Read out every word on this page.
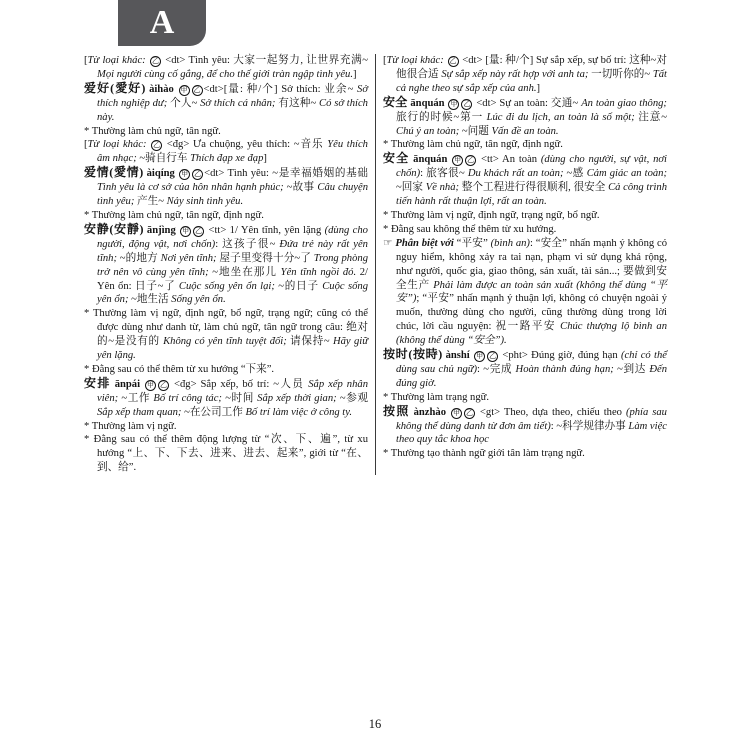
A
[Từ loại khác: 乙 <dt> Tình yêu: 大家一起努力, 让世界充满~ Mọi người cùng cố gắng, để cho thế giới tràn ngập tình yêu.]
爱好(愛好) àihào 甲 乙 <dt>[量: 种/个] Sở thích: 业余~ Sở thích nghiệp dư; 个人~ Sở thích cá nhân; 有这种~ Có sở thích này.
* Thường làm chủ ngữ, tân ngữ.
[Từ loại khác: 乙 <đg> Ưa chuộng, yêu thích: ~音乐 Yêu thích âm nhạc; ~骑自行车 Thích đạp xe đạp]
爱情(愛情) àiqíng 甲 乙 <dt> Tình yêu: ~是幸福婚姻的基础 Tình yêu là cơ sở của hôn nhân hạnh phúc; ~故事 Câu chuyện tình yêu; 产生~ Nảy sinh tình yêu.
* Thường làm chủ ngữ, tân ngữ, định ngữ.
安静(安靜) ānjìng 甲 乙 <tt> 1/ Yên tĩnh, yên lặng (dùng cho người, động vật, nơi chốn): 这孩子很~ Đứa trẻ này rất yên tĩnh; ~的地方 Nơi yên tĩnh; 屋子里变得十分~了 Trong phòng trở nên vô cùng yên tĩnh; ~地坐在那儿 Yên tĩnh ngồi đó. 2/ Yên ổn: 日子~了 Cuộc sống yên ổn lại; ~的日子 Cuộc sống yên ổn; ~地生活 Sống yên ổn.
* Thường làm vị ngữ, định ngữ, bổ ngữ, trạng ngữ; cũng có thể được dùng như danh từ, làm chủ ngữ, tân ngữ trong câu: 绝对的~是没有的 Không có yên tĩnh tuyệt đối; 请保持~ Hãy giữ yên lặng.
* Đằng sau có thể thêm từ xu hướng “下来”.
安排 ānpái 甲 乙 <đg> Sắp xếp, bố trí: ~人员 Sắp xếp nhân viên; ~工作 Bố trí công tác; ~时间 Sắp xếp thời gian; ~参观 Sắp xếp tham quan; ~在公司工作 Bố trí làm việc ở công ty.
* Thường làm vị ngữ.
* Đằng sau có thể thêm động lượng từ “次、下、遍”, từ xu hướng “上、下、下去、进来、进去、起来”, giới từ “在、到、给”.
[Từ loại khác: 乙 <dt> [量: 种/个] Sự sắp xếp, sự bố trí: 这种~对他很合适 Sự sắp xếp này rất hợp với anh ta; 一切听你的~ Tất cả nghe theo sự sắp xếp của anh.]
安全 ānquán 甲 乙 <dt> Sự an toàn: 交通~ An toàn giao thông; 旅行的时候~第一 Lúc đi du lịch, an toàn là số một; 注意~ Chú ý an toàn; ~问题 Vấn đề an toàn.
* Thường làm chủ ngữ, tân ngữ, định ngữ.
安全 ānquán 甲 乙 <tt> An toàn (dùng cho người, sự vật, nơi chốn): 旅客很~ Du khách rất an toàn; ~感 Cảm giác an toàn; ~回家 Về nhà; 整个工程进行得很顺利, 很安全 Cả công trình tiến hành rất thuận lợi, rất an toàn.
* Thường làm vị ngữ, định ngữ, trạng ngữ, bổ ngữ.
* Đằng sau không thể thêm từ xu hướng.
☞ Phân biệt với “平安” (bình an): “安全” nhấn mạnh ý không có nguy hiểm, không xảy ra tai nạn, phạm vi sử dụng khá rộng, như người, quốc gia, giao thông, sản xuất, tài sản...; 要做到安全生产 Phải làm được an toàn sản xuất (không thể dùng “平安”); “平安” nhấn mạnh ý thuận lợi, không có chuyện ngoài ý muốn, thường dùng cho người, cũng thường dùng trong lời chúc, lời cầu nguyện: 祝一路平安 Chúc thượng lộ bình an (không thể dùng “安全”).
按时(按時) ànshí 甲 乙 <pht> Đúng giờ, đúng hạn (chỉ có thể dùng sau chủ ngữ): ~完成 Hoàn thành đúng hạn; ~到达 Đến đúng giờ.
* Thường làm trạng ngữ.
按照 ànzhào 甲 乙 <gt> Theo, dựa theo, chiếu theo (phía sau không thể dùng danh từ đơn âm tiết): ~科学规律办事 Làm việc theo quy tắc khoa học
* Thường tạo thành ngữ giới tân làm trạng ngữ.
16
